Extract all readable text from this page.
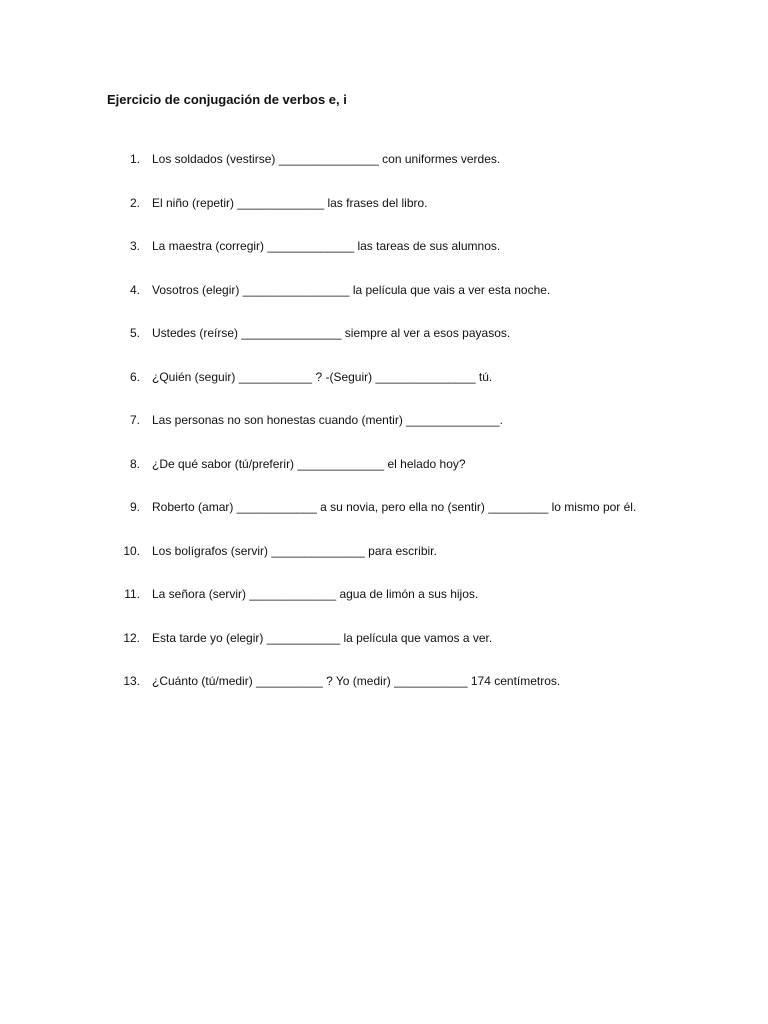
Ejercicio de conjugación de verbos e, i
1. Los soldados (vestirse) _______________ con uniformes verdes.
2. El niño (repetir) _____________ las frases del libro.
3. La maestra (corregir) _____________ las tareas de sus alumnos.
4. Vosotros (elegir) ________________ la película que vais a ver esta noche.
5. Ustedes (reírse) _______________ siempre al ver a esos payasos.
6. ¿Quién (seguir) ___________ ? -(Seguir) _______________ tú.
7. Las personas no son honestas cuando (mentir) ______________.
8. ¿De qué sabor (tú/preferir) _____________ el helado hoy?
9. Roberto (amar) ____________ a su novia, pero ella no (sentir) _________ lo mismo por él.
10. Los bolígrafos (servir) ______________ para escribir.
11. La señora (servir) _____________ agua de limón a sus hijos.
12. Esta tarde yo (elegir) ___________ la película que vamos a ver.
13. ¿Cuánto (tú/medir) __________ ? Yo (medir) ___________ 174 centímetros.
